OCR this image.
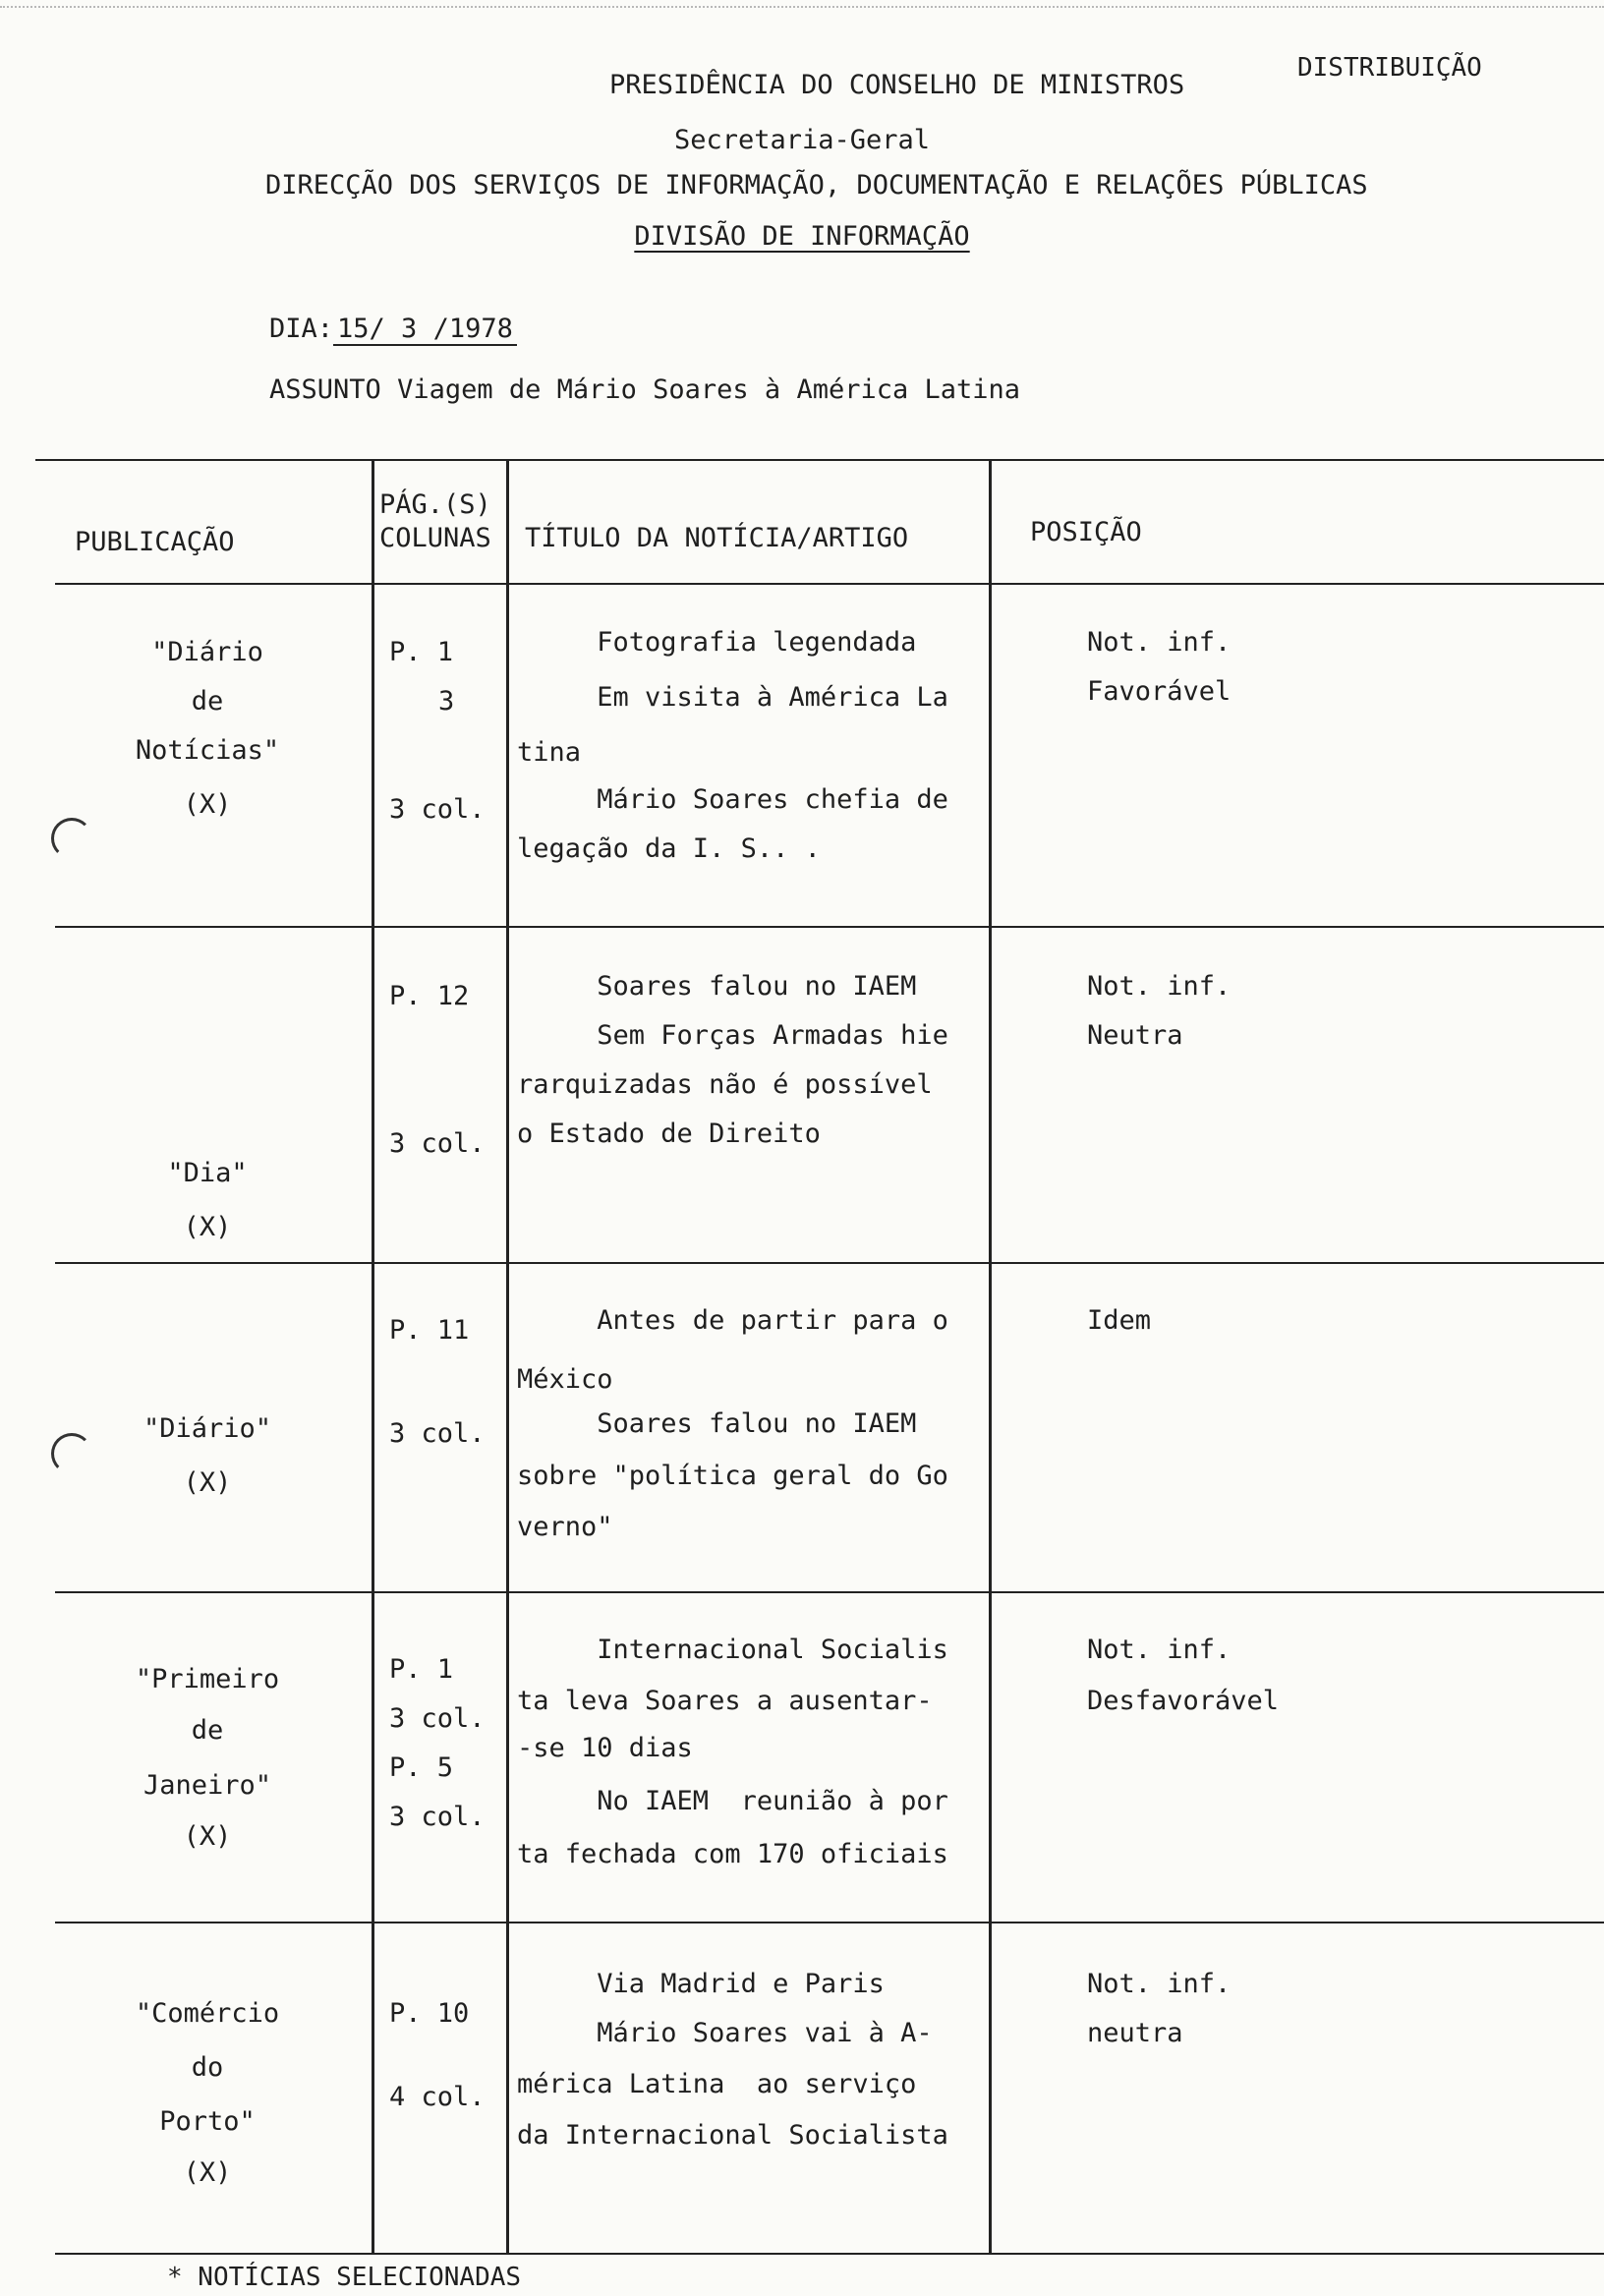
DISTRIBUIÇÃO
PRESIDÊNCIA DO CONSELHO DE MINISTROS
Secretaria-Geral
DIRECÇÃO DOS SERVIÇOS DE INFORMAÇÃO, DOCUMENTAÇÃO E RELAÇÕES PÚBLICAS
DIVISÃO DE INFORMAÇÃO
DIA: 15/ 3 /1978
ASSUNTO Viagem de Mário Soares à América Latina
PUBLICAÇÃO
PÁG.(S)
COLUNAS TÍTULO DA NOTÍCIA/ARTIGO	POSIÇÃO
"Diário
de
Notícias"
(X)
P. 1
3
3 col.
Fotografia legendada
Em visita à América La
tina
Mário Soares chefia de
legação da I. S.. .
Not. inf.
Favorável
"Dia"
(X)
P. 12
3 col.
Soares falou no IAEM
Sem Forças Armadas hie
rarquizadas não é possível
o Estado de Direito
Not. inf.
Neutra
"Diário"
(X)
P. 11
3 col.
Antes de partir para o
México
Soares falou no IAEM
sobre "política geral do Go
verno"
Idem
"Primeiro
de
Janeiro"
(X)
P. 1
3 col.
P. 5
3 col.
Internacional Socialis
ta leva Soares a ausentar-
-se 10 dias
No IAEM  reunião à por
ta fechada com 170 oficiais
Not. inf.
Desfavorável
"Comércio
do
Porto"
(X)
P. 10
4 col.
Via Madrid e Paris
Mário Soares vai à A-
mérica Latina  ao serviço
da Internacional Socialista
Not. inf.
neutra
* NOTÍCIAS SELECIONADAS
